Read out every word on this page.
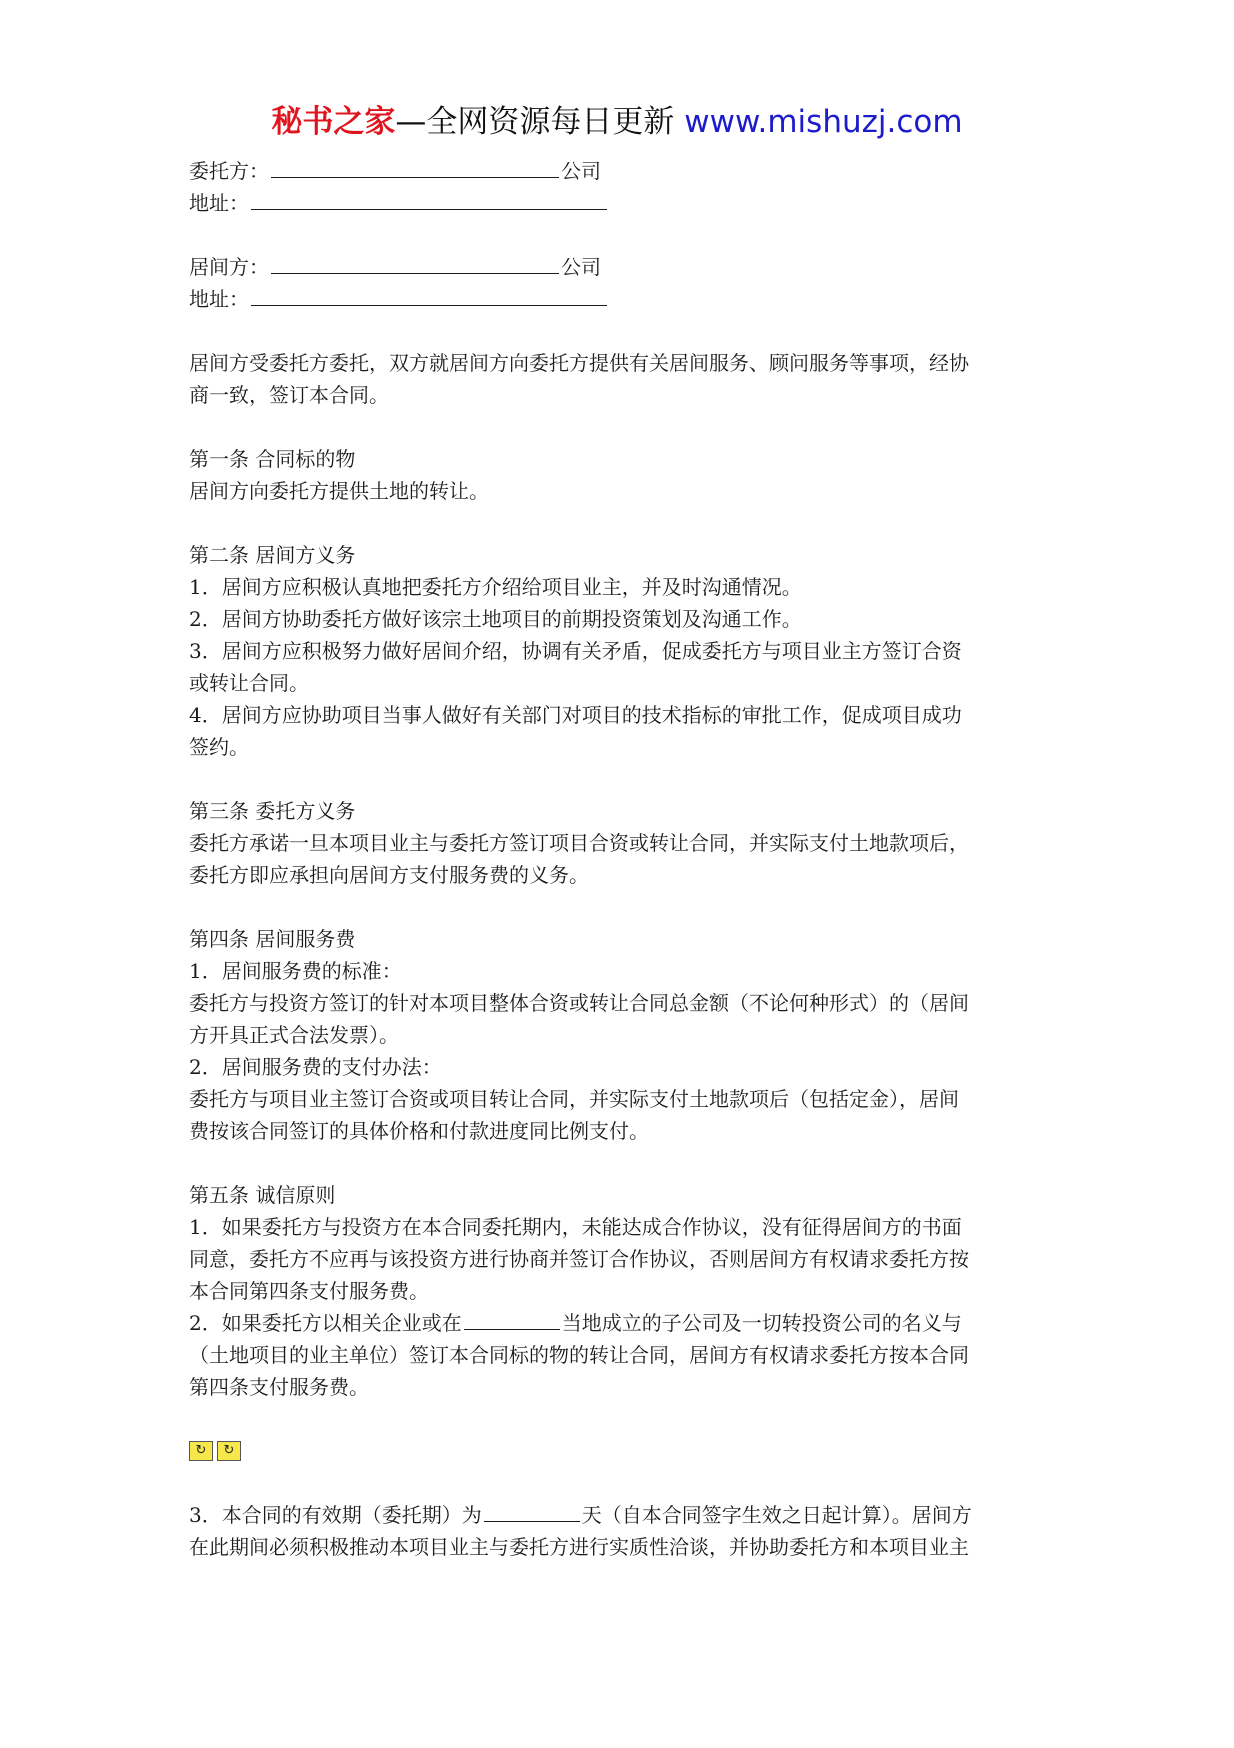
秘书之家—全网资源每日更新 www.mishuzj.com
委托方：	公司
地址：
居间方：	公司
地址：
居间方受委托方委托，双方就居间方向委托方提供有关居间服务、顾问服务等事项，经协
商一致，签订本合同。
第一条 合同标的物
居间方向委托方提供土地的转让。
第二条 居间方义务
1．居间方应积极认真地把委托方介绍给项目业主，并及时沟通情况。
2．居间方协助委托方做好该宗土地项目的前期投资策划及沟通工作。
3．居间方应积极努力做好居间介绍，协调有关矛盾，促成委托方与项目业主方签订合资
或转让合同。
4．居间方应协助项目当事人做好有关部门对项目的技术指标的审批工作，促成项目成功
签约。
第三条 委托方义务
委托方承诺一旦本项目业主与委托方签订项目合资或转让合同，并实际支付土地款项后，
委托方即应承担向居间方支付服务费的义务。
第四条 居间服务费
1．居间服务费的标准：
委托方与投资方签订的针对本项目整体合资或转让合同总金额（不论何种形式）的（居间
方开具正式合法发票）。
2．居间服务费的支付办法：
委托方与项目业主签订合资或项目转让合同，并实际支付土地款项后（包括定金），居间
费按该合同签订的具体价格和付款进度同比例支付。
第五条 诚信原则
1．如果委托方与投资方在本合同委托期内，未能达成合作协议，没有征得居间方的书面
同意，委托方不应再与该投资方进行协商并签订合作协议，否则居间方有权请求委托方按
本合同第四条支付服务费。
2．如果委托方以相关企业或在	当地成立的子公司及一切转投资公司的名义与
（土地项目的业主单位）签订本合同标的物的转让合同，居间方有权请求委托方按本合同
第四条支付服务费。
↻	↻
3．本合同的有效期（委托期）为	天（自本合同签字生效之日起计算）。居间方
在此期间必须积极推动本项目业主与委托方进行实质性洽谈，并协助委托方和本项目业主
